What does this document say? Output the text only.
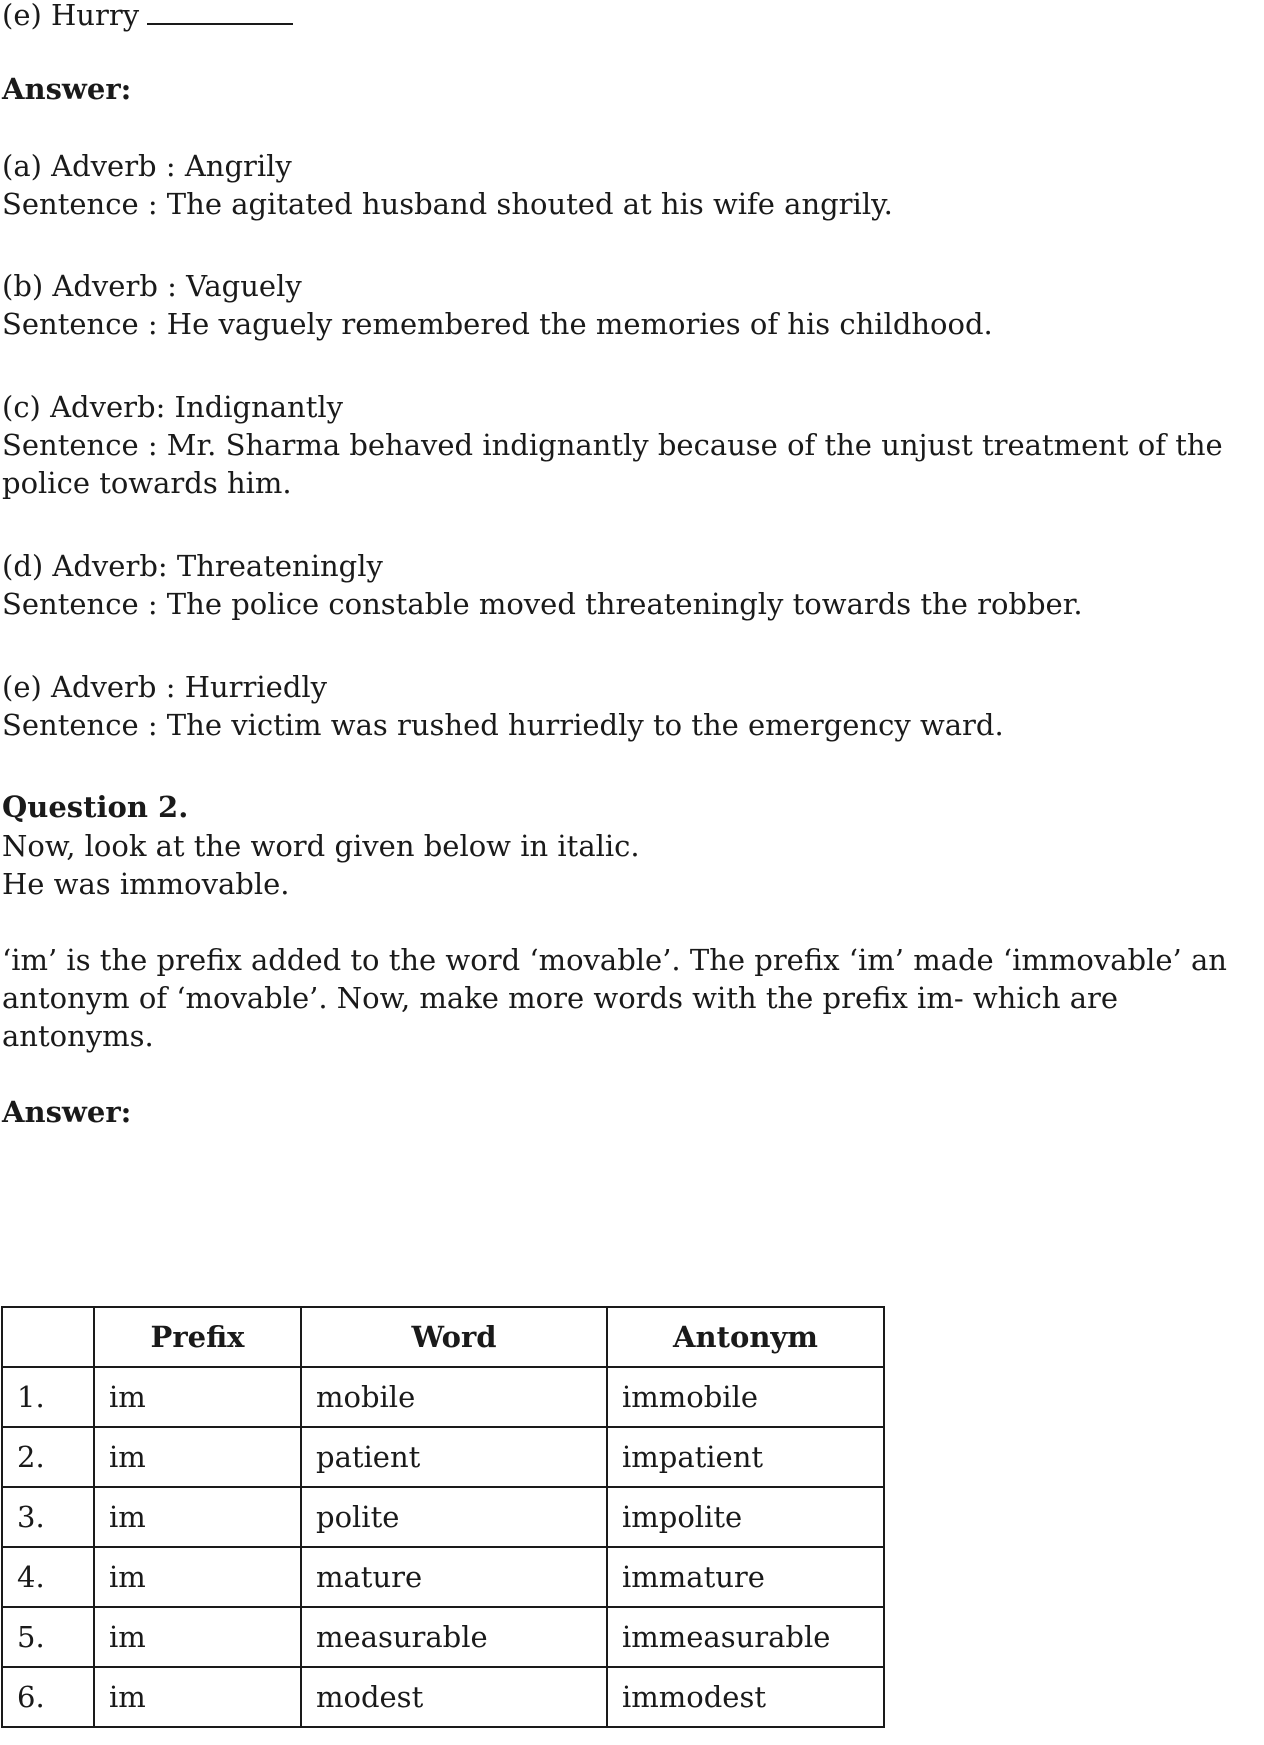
(e) Hurry
Answer:
(a) Adverb : Angrily
Sentence : The agitated husband shouted at his wife angrily.
(b) Adverb : Vaguely
Sentence : He vaguely remembered the memories of his childhood.
(c) Adverb: Indignantly
Sentence : Mr. Sharma behaved indignantly because of the unjust treatment of the
police towards him.
(d) Adverb: Threateningly
Sentence : The police constable moved threateningly towards the robber.
(e) Adverb : Hurriedly
Sentence : The victim was rushed hurriedly to the emergency ward.
Question 2.
Now, look at the word given below in italic.
He was immovable.
‘im’ is the prefix added to the word ‘movable’. The prefix ‘im’ made ‘immovable’ an
antonym of ‘movable’. Now, make more words with the prefix im- which are
antonyms.
Answer:
	Prefix	Word	Antonym
1.	im	mobile	immobile
2.	im	patient	impatient
3.	im	polite	impolite
4.	im	mature	immature
5.	im	measurable	immeasurable
6.	im	modest	immodest
